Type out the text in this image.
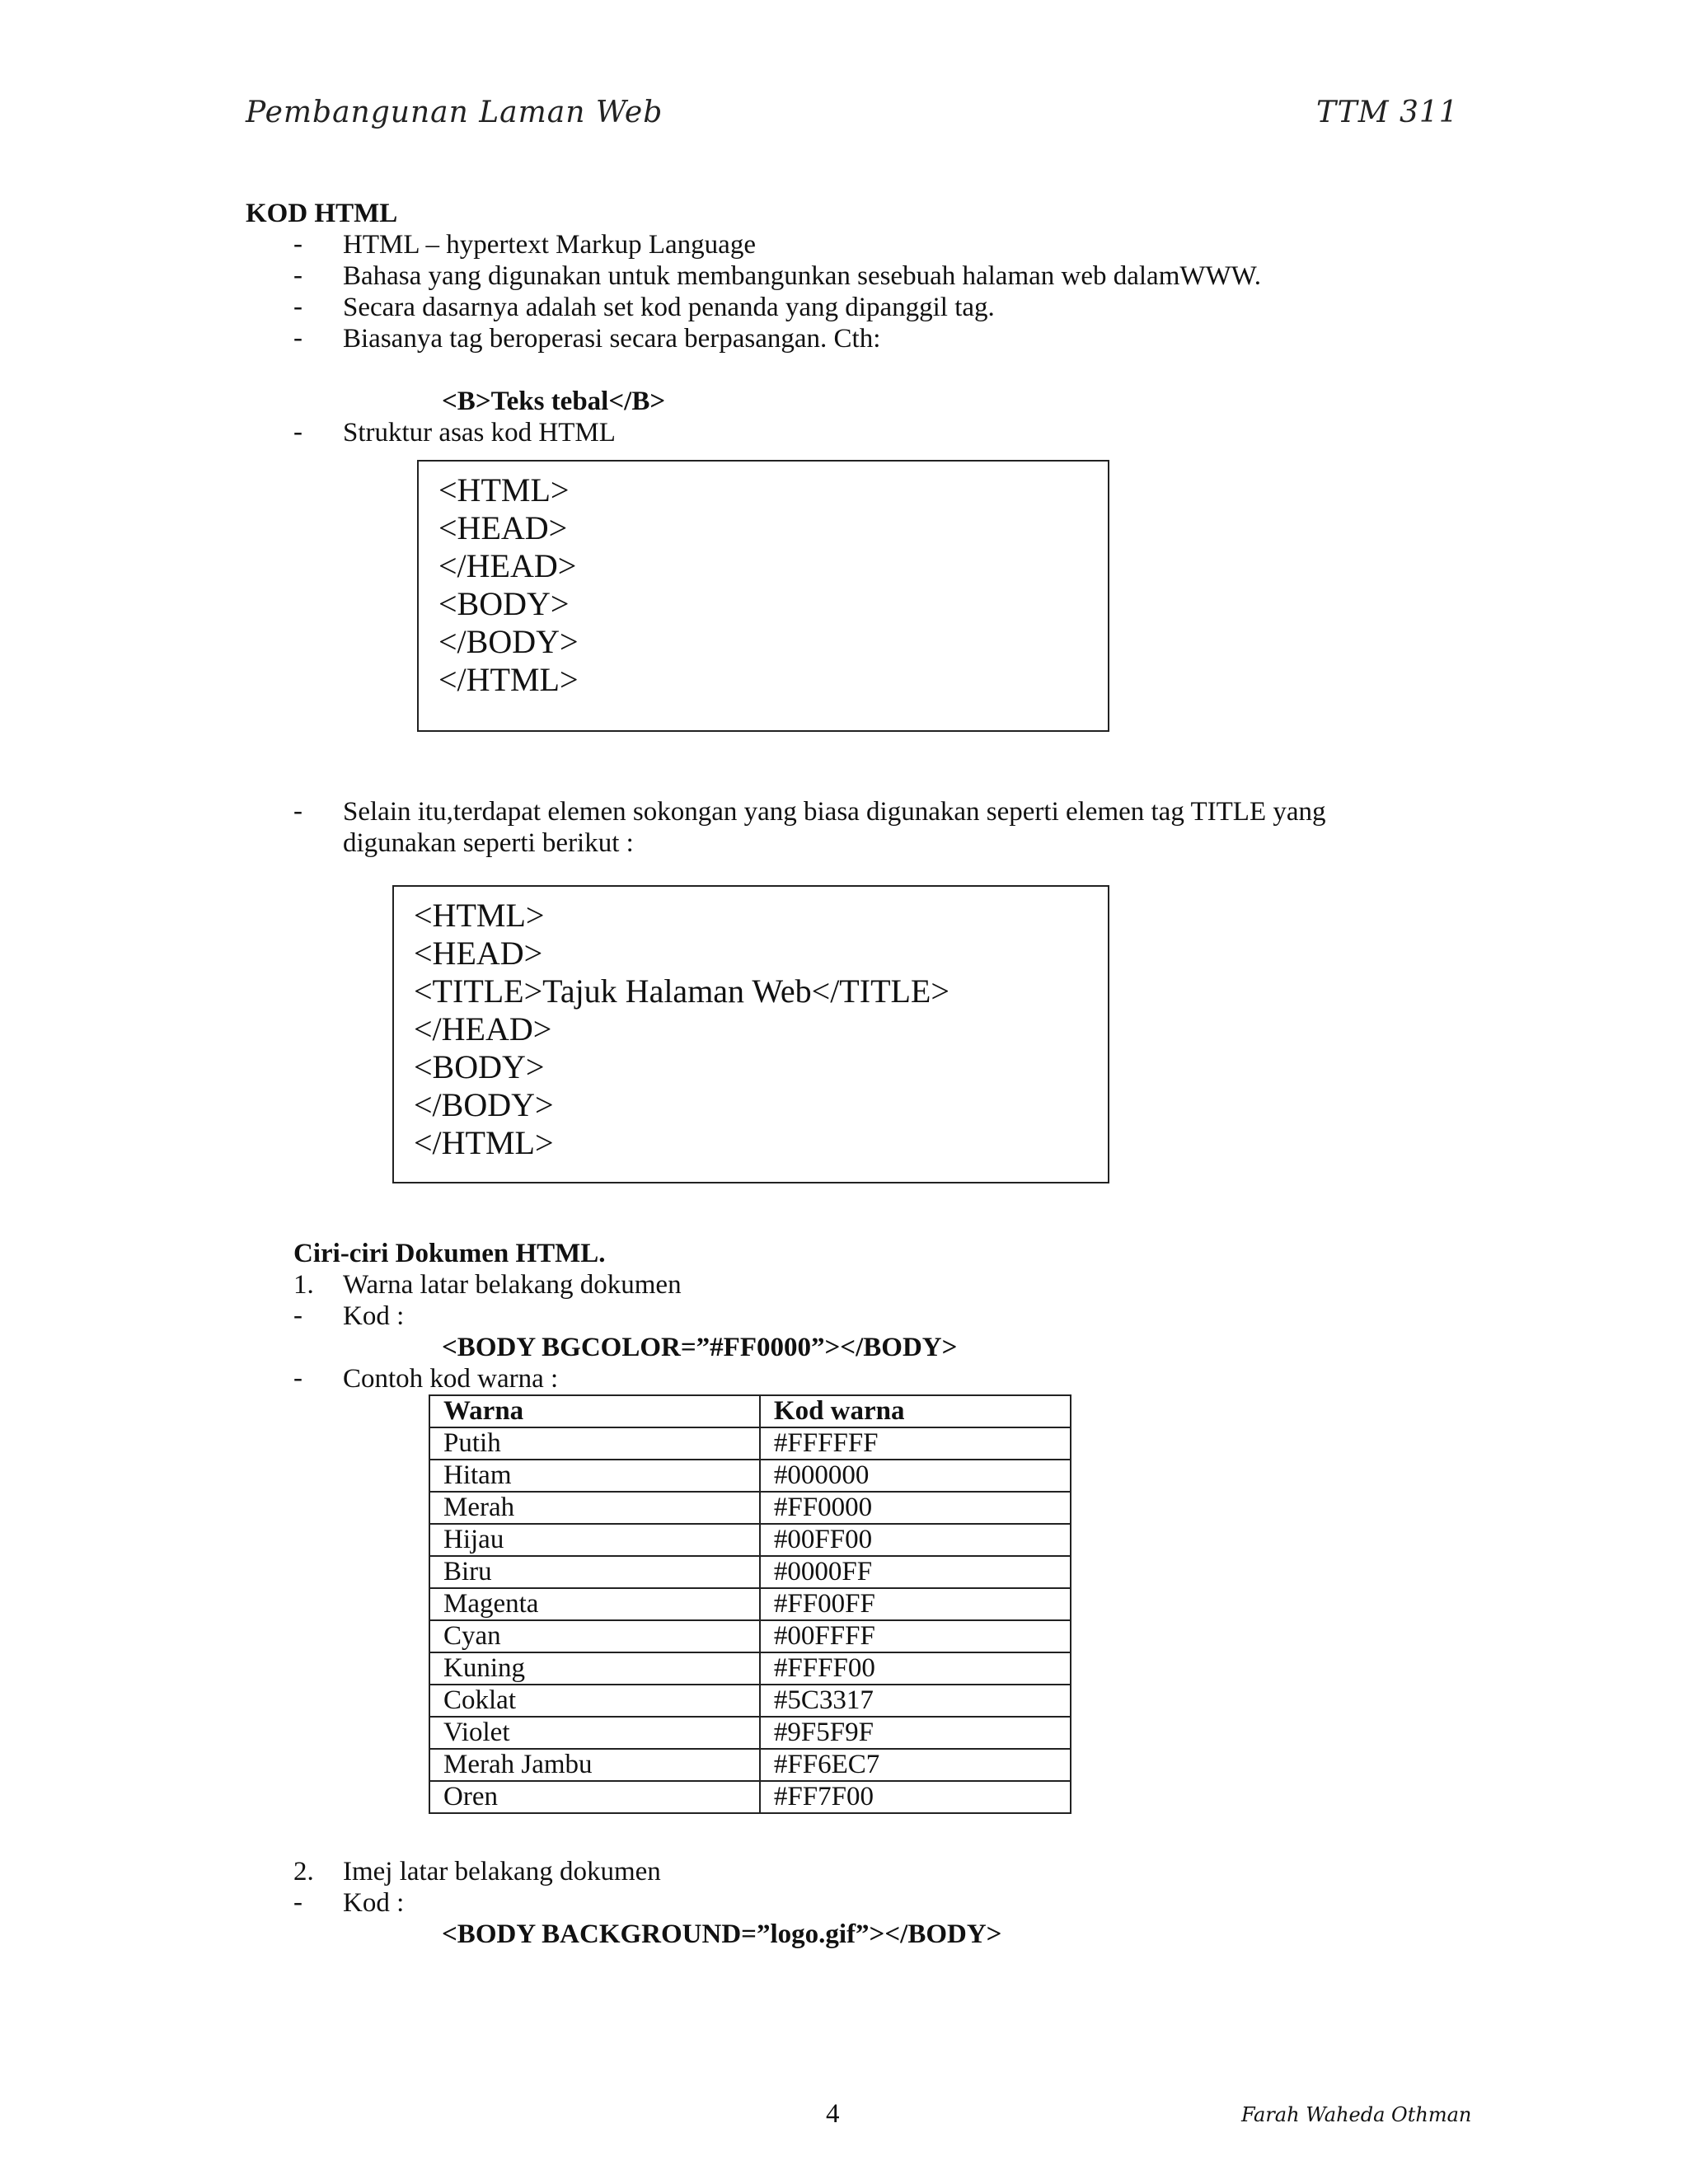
Pembangunan Laman Web	TTM 311
KOD HTML
- HTML – hypertext Markup Language
- Bahasa yang digunakan untuk membangunkan sesebuah halaman web dalamWWW.
- Secara dasarnya adalah set kod penanda yang dipanggil tag.
- Biasanya tag beroperasi secara berpasangan. Cth:
<B>Teks tebal</B>
- Struktur asas kod HTML
<HTML>
<HEAD>
</HEAD>
<BODY>
</BODY>
</HTML>
- Selain itu,terdapat elemen sokongan yang biasa digunakan seperti elemen tag TITLE yang
digunakan seperti berikut :
<HTML>
<HEAD>
<TITLE>Tajuk Halaman Web</TITLE>
</HEAD>
<BODY>
</BODY>
</HTML>
Ciri-ciri Dokumen HTML.
1. Warna latar belakang dokumen
- Kod :
<BODY BGCOLOR=”#FF0000”></BODY>
- Contoh kod warna :
Warna	Kod warna
Putih	#FFFFFF
Hitam	#000000
Merah	#FF0000
Hijau	#00FF00
Biru	#0000FF
Magenta	#FF00FF
Cyan	#00FFFF
Kuning	#FFFF00
Coklat	#5C3317
Violet	#9F5F9F
Merah Jambu	#FF6EC7
Oren	#FF7F00
2. Imej latar belakang dokumen
- Kod :
<BODY BACKGROUND=”logo.gif”></BODY>
4	Farah Waheda Othman
